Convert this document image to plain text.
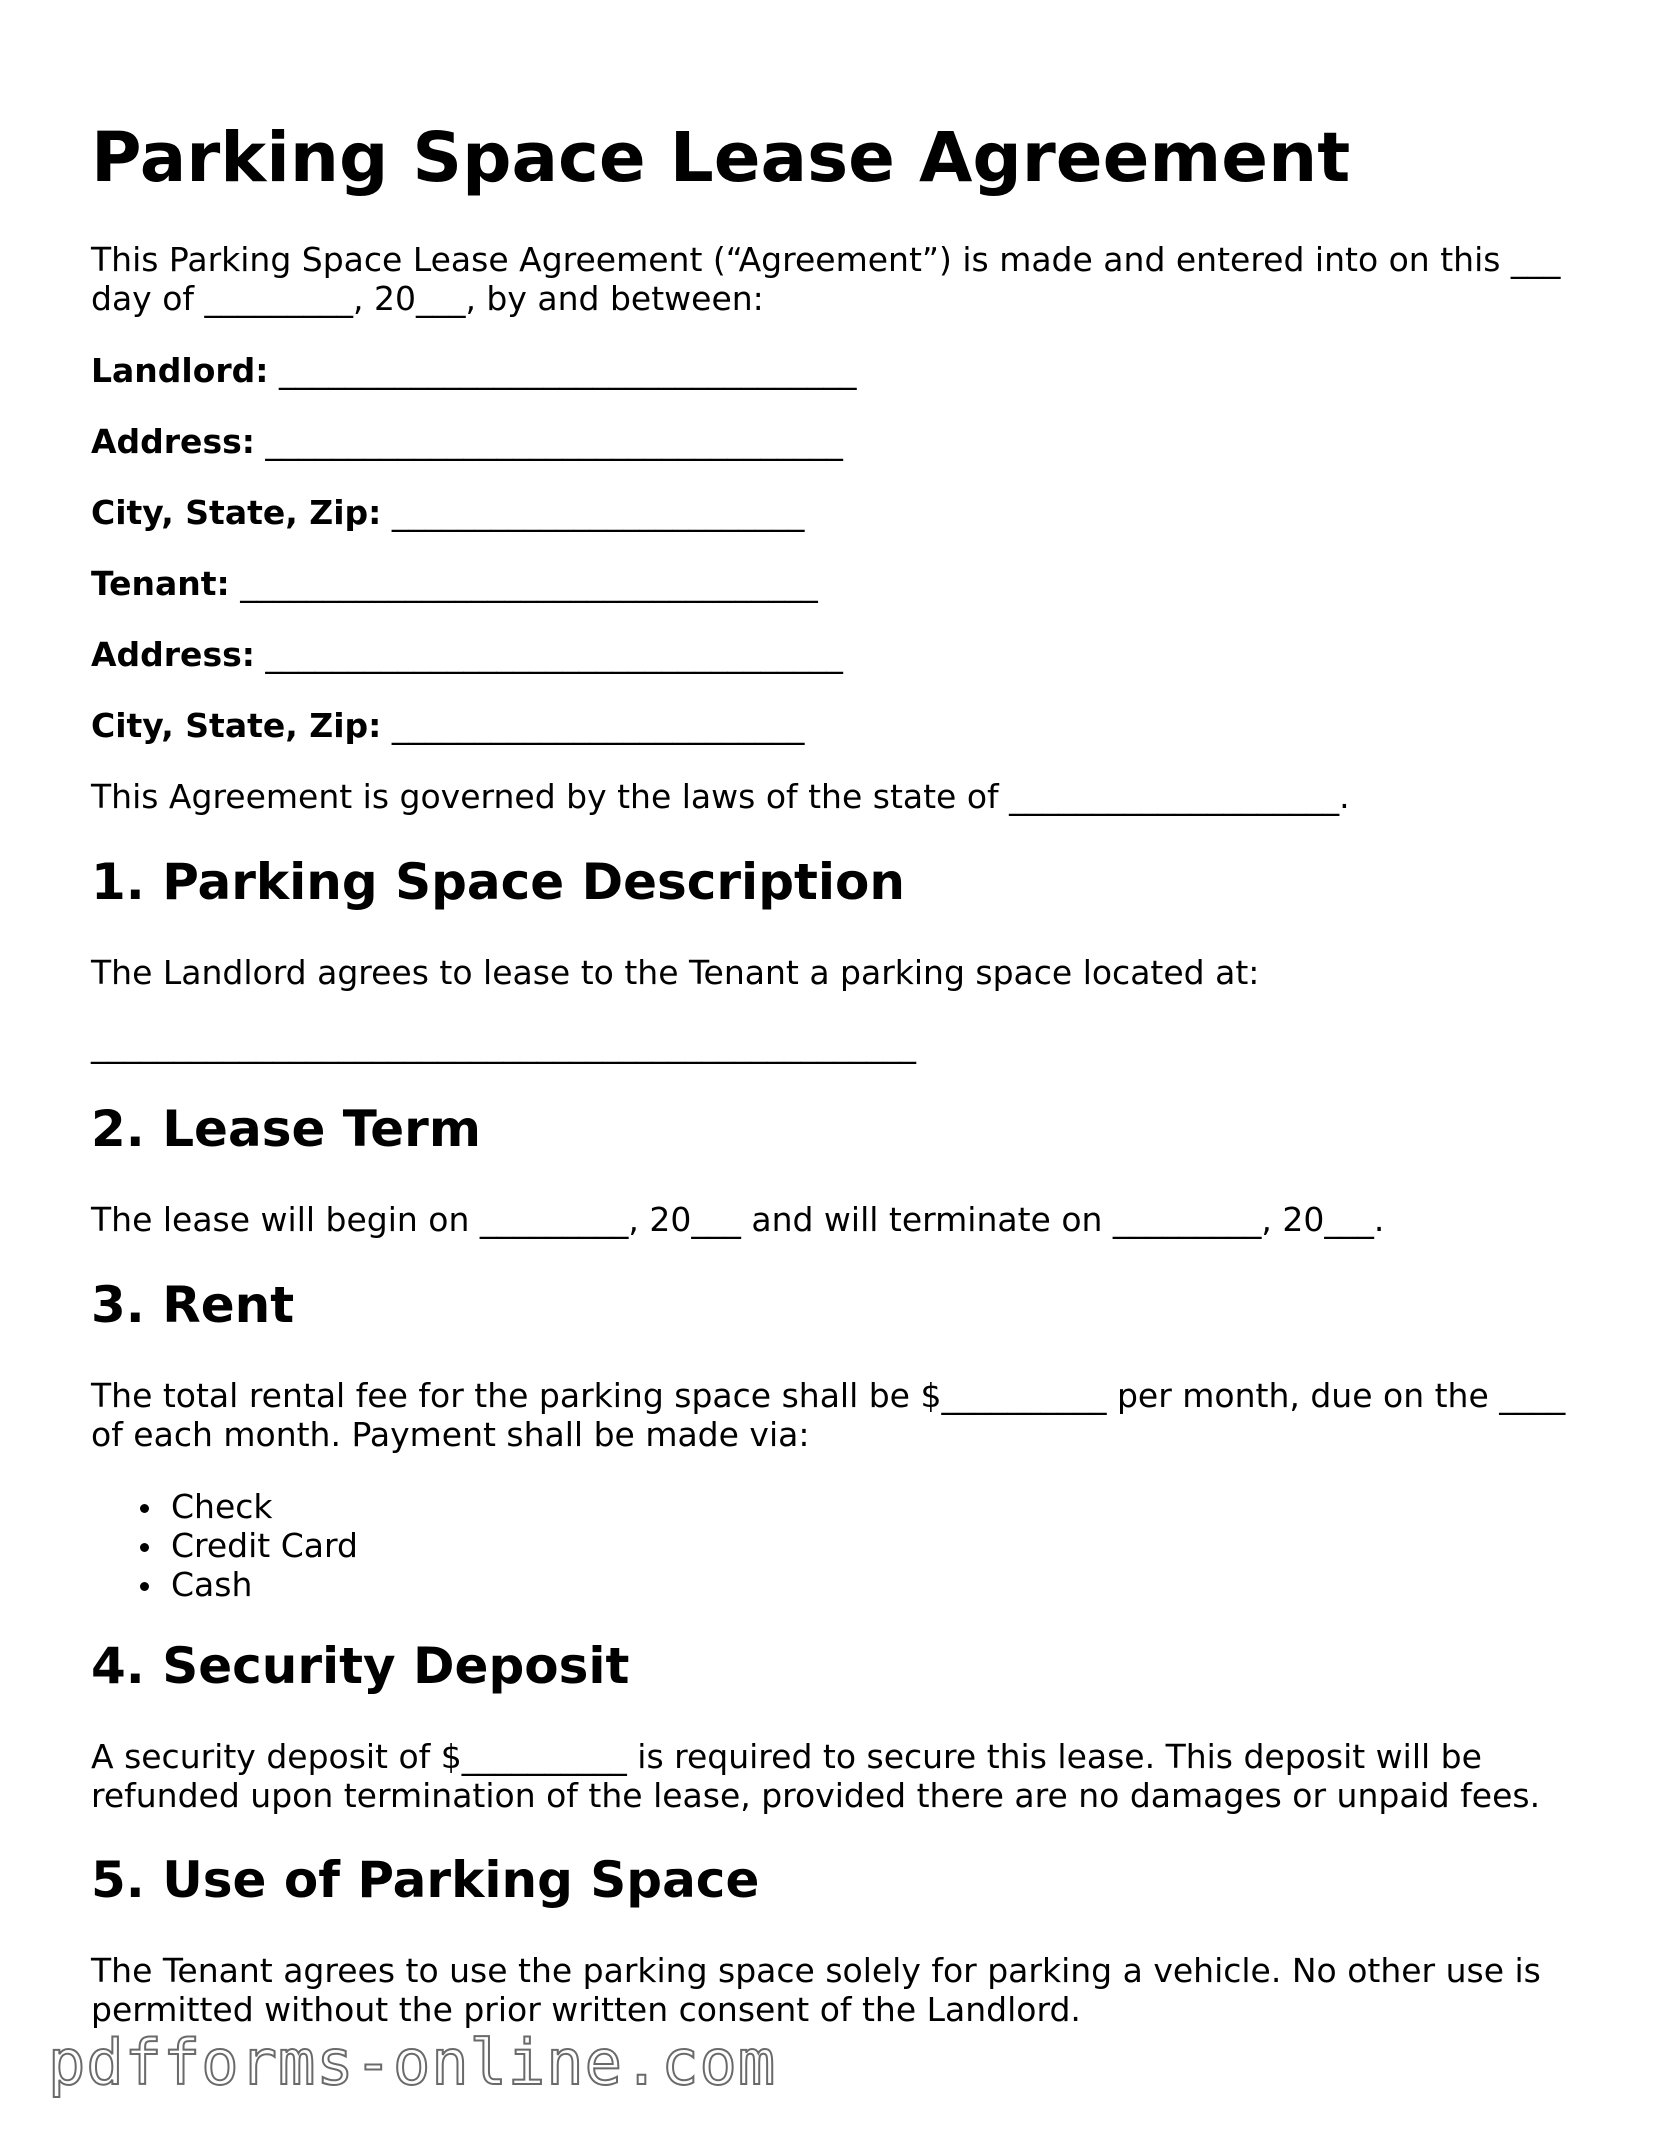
Parking Space Lease Agreement

This Parking Space Lease Agreement (“Agreement”) is made and entered into on this ___

day of _________, 20___, by and between:

Landlord: ___________________________________
Address: ___________________________________
City, State, Zip: _________________________
Tenant: ___________________________________
Address: ___________________________________
City, State, Zip: _________________________

This Agreement is governed by the laws of the state of ____________________.

1. Parking Space Description

The Landlord agrees to lease to the Tenant a parking space located at:

__________________________________________________

2. Lease Term

The lease will begin on _________, 20___ and will terminate on _________, 20___.

3. Rent

The total rental fee for the parking space shall be $__________ per month, due on the ____

of each month. Payment shall be made via:

Check
Credit Card
Cash
4. Security Deposit

A security deposit of $__________ is required to secure this lease. This deposit will be

refunded upon termination of the lease, provided there are no damages or unpaid fees.

5. Use of Parking Space

The Tenant agrees to use the parking space solely for parking a vehicle. No other use is

permitted without the prior written consent of the Landlord.

pdfforms-online.com
